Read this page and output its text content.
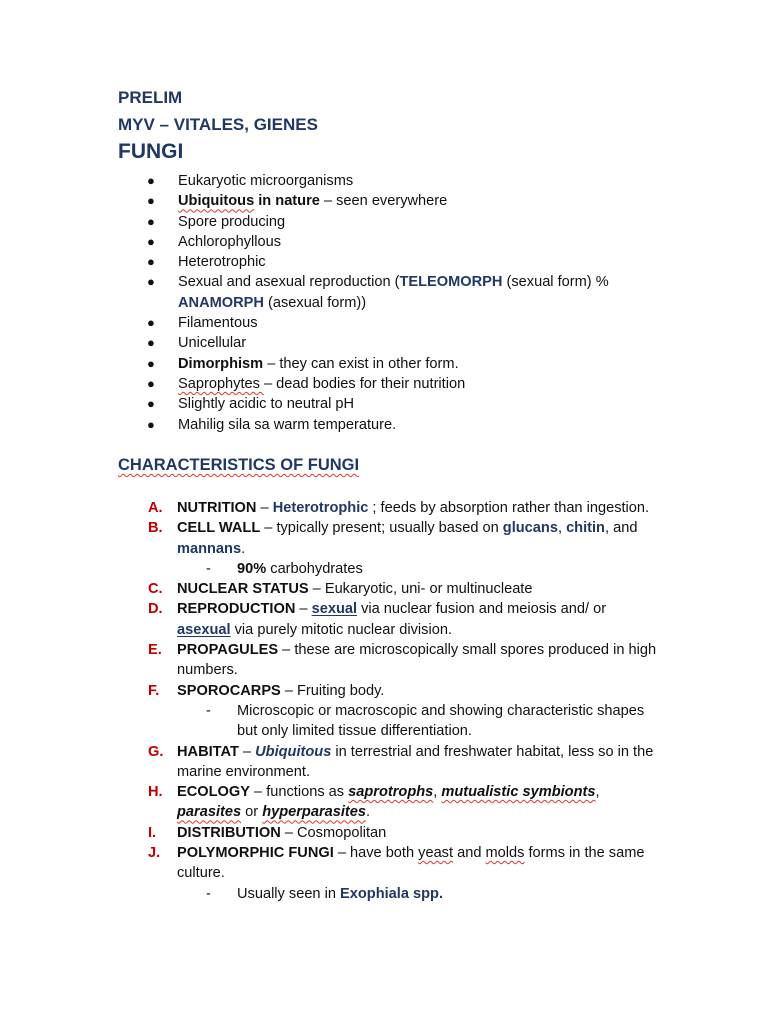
PRELIM

MYV – VITALES, GIENES

FUNGI

● Eukaryotic microorganisms
● Ubiquitous in nature – seen everywhere
● Spore producing
● Achlorophyllous
● Heterotrophic
● Sexual and asexual reproduction (TELEOMORPH (sexual form) %
ANAMORPH (asexual form))
● Filamentous
● Unicellular
● Dimorphism – they can exist in other form.
● Saprophytes – dead bodies for their nutrition
● Slightly acidic to neutral pH
● Mahilig sila sa warm temperature.

CHARACTERISTICS OF FUNGI

A. NUTRITION – Heterotrophic ; feeds by absorption rather than ingestion.
B. CELL WALL – typically present; usually based on glucans, chitin, and mannans.
- 90% carbohydrates
C. NUCLEAR STATUS – Eukaryotic, uni- or multinucleate
D. REPRODUCTION – sexual via nuclear fusion and meiosis and/ or asexual via purely mitotic nuclear division.
E. PROPAGULES – these are microscopically small spores produced in high numbers.
F. SPOROCARPS – Fruiting body.
- Microscopic or macroscopic and showing characteristic shapes but only limited tissue differentiation.
G. HABITAT – Ubiquitous in terrestrial and freshwater habitat, less so in the marine environment.
H. ECOLOGY – functions as saprotrophs, mutualistic symbionts, parasites or hyperparasites.
I. DISTRIBUTION – Cosmopolitan
J. POLYMORPHIC FUNGI – have both yeast and molds forms in the same culture.
- Usually seen in Exophiala spp.
